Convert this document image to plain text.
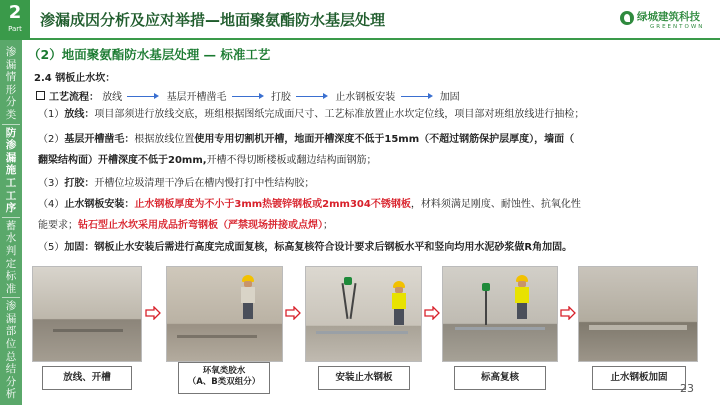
2
Part	渗漏成因分析及应对举措—地面聚氨酯防水基层处理	绿城建筑科技
GREENTOWN
渗漏情形分类
防渗漏施工工序
蓄水判定标准
渗漏部位总结分析
（2）地面聚氨酯防水基层处理 — 标准工艺
2.4 钢板止水坎：
工艺流程： 放线	基层开槽凿毛	打胶	止水钢板安装	加固
（1）放线：项目部须进行放线交底，班组根据图纸完成面尺寸、工艺标准放置止水坎定位线，项目部对班组放线进行抽检；
（2）基层开槽凿毛：根据放线位置使用专用切割机开槽，地面开槽深度不低于15mm（不超过钢筋保护层厚度），墙面（
翻梁结构面）开槽深度不低于20mm,开槽不得切断楼板或翻边结构面钢筋；
（3）打胶：开槽位垃圾清理干净后在槽内慢打打中性结构胶；
（4）止水钢板安装：止水钢板厚度为不小于3mm热镀锌钢板或2mm304不锈钢板，材料须满足刚度、耐蚀性、抗氧化性
能要求；钻石型止水坎采用成品折弯钢板（严禁现场拼接或点焊）；
（5）加固：钢板止水安装后需进行高度完成面复核，标高复核符合设计要求后钢板水平和竖向均用水泥砂浆做R角加固。
放线、开槽
环氧类胶水
（A、B类双组分）	安装止水钢板	标高复核	止水钢板加固
23
